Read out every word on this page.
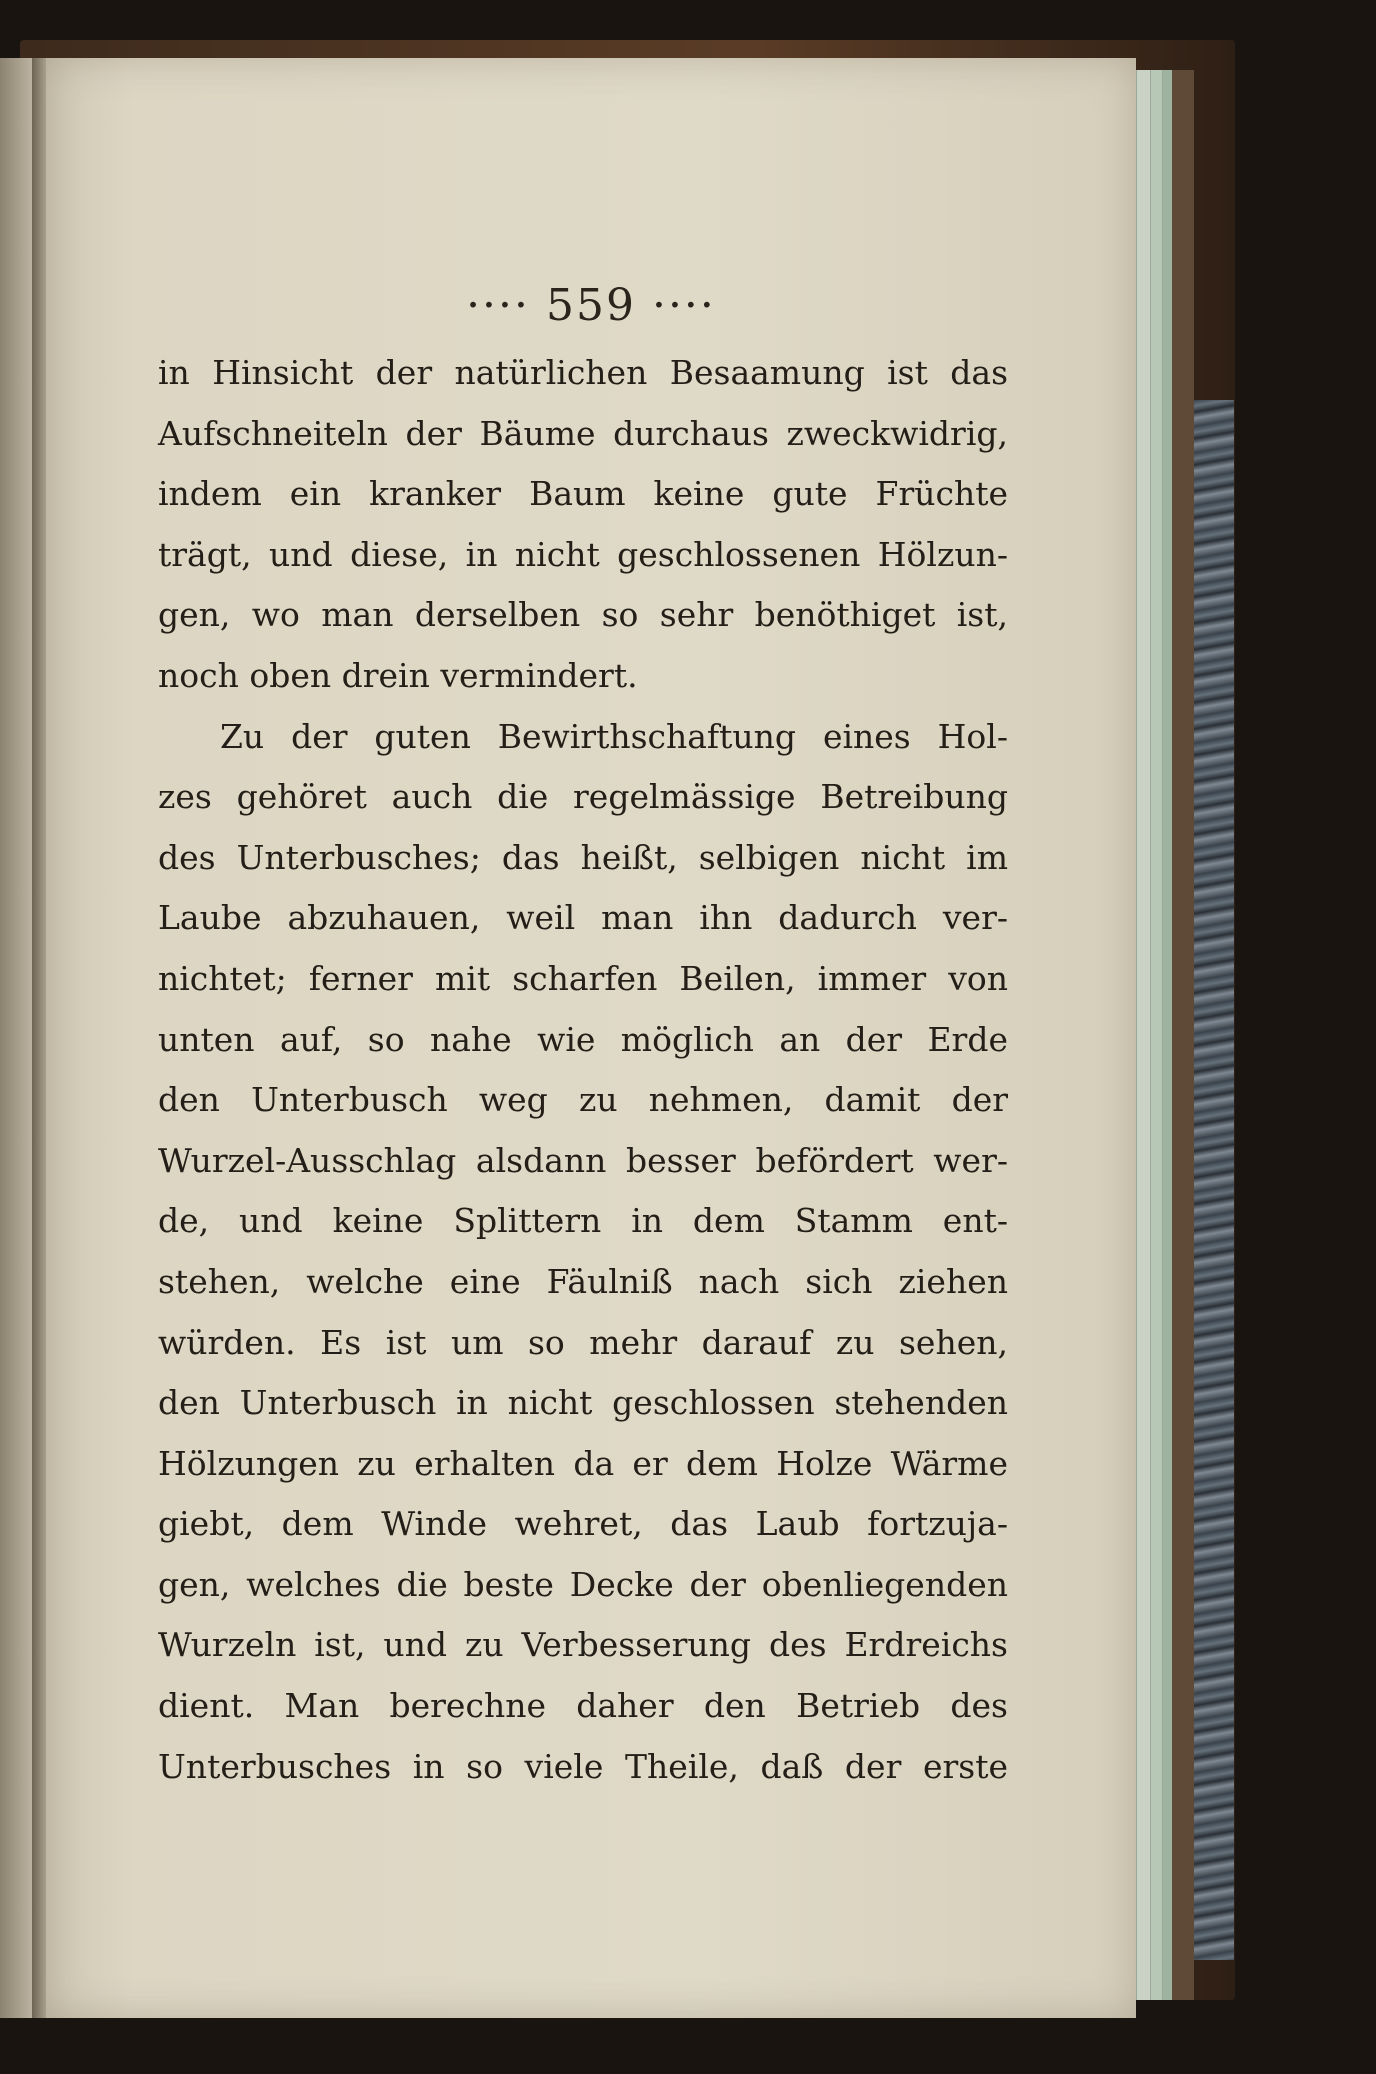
···· 559 ····
in Hinsicht der natürlichen Besaamung ist das
Aufschneiteln der Bäume durchaus zweckwidrig,
indem ein kranker Baum keine gute Früchte
trägt, und diese, in nicht geschlossenen Hölzun-
gen, wo man derselben so sehr benöthiget ist,
noch oben drein vermindert.
Zu der guten Bewirthschaftung eines Hol-
zes gehöret auch die regelmässige Betreibung
des Unterbusches; das heißt, selbigen nicht im
Laube abzuhauen, weil man ihn dadurch ver-
nichtet; ferner mit scharfen Beilen, immer von
unten auf, so nahe wie möglich an der Erde
den Unterbusch weg zu nehmen, damit der
Wurzel-Ausschlag alsdann besser befördert wer-
de, und keine Splittern in dem Stamm ent-
stehen, welche eine Fäulniß nach sich ziehen
würden. Es ist um so mehr darauf zu sehen,
den Unterbusch in nicht geschlossen stehenden
Hölzungen zu erhalten da er dem Holze Wärme
giebt, dem Winde wehret, das Laub fortzuja-
gen, welches die beste Decke der obenliegenden
Wurzeln ist, und zu Verbesserung des Erdreichs
dient. Man berechne daher den Betrieb des
Unterbusches in so viele Theile, daß der erste
